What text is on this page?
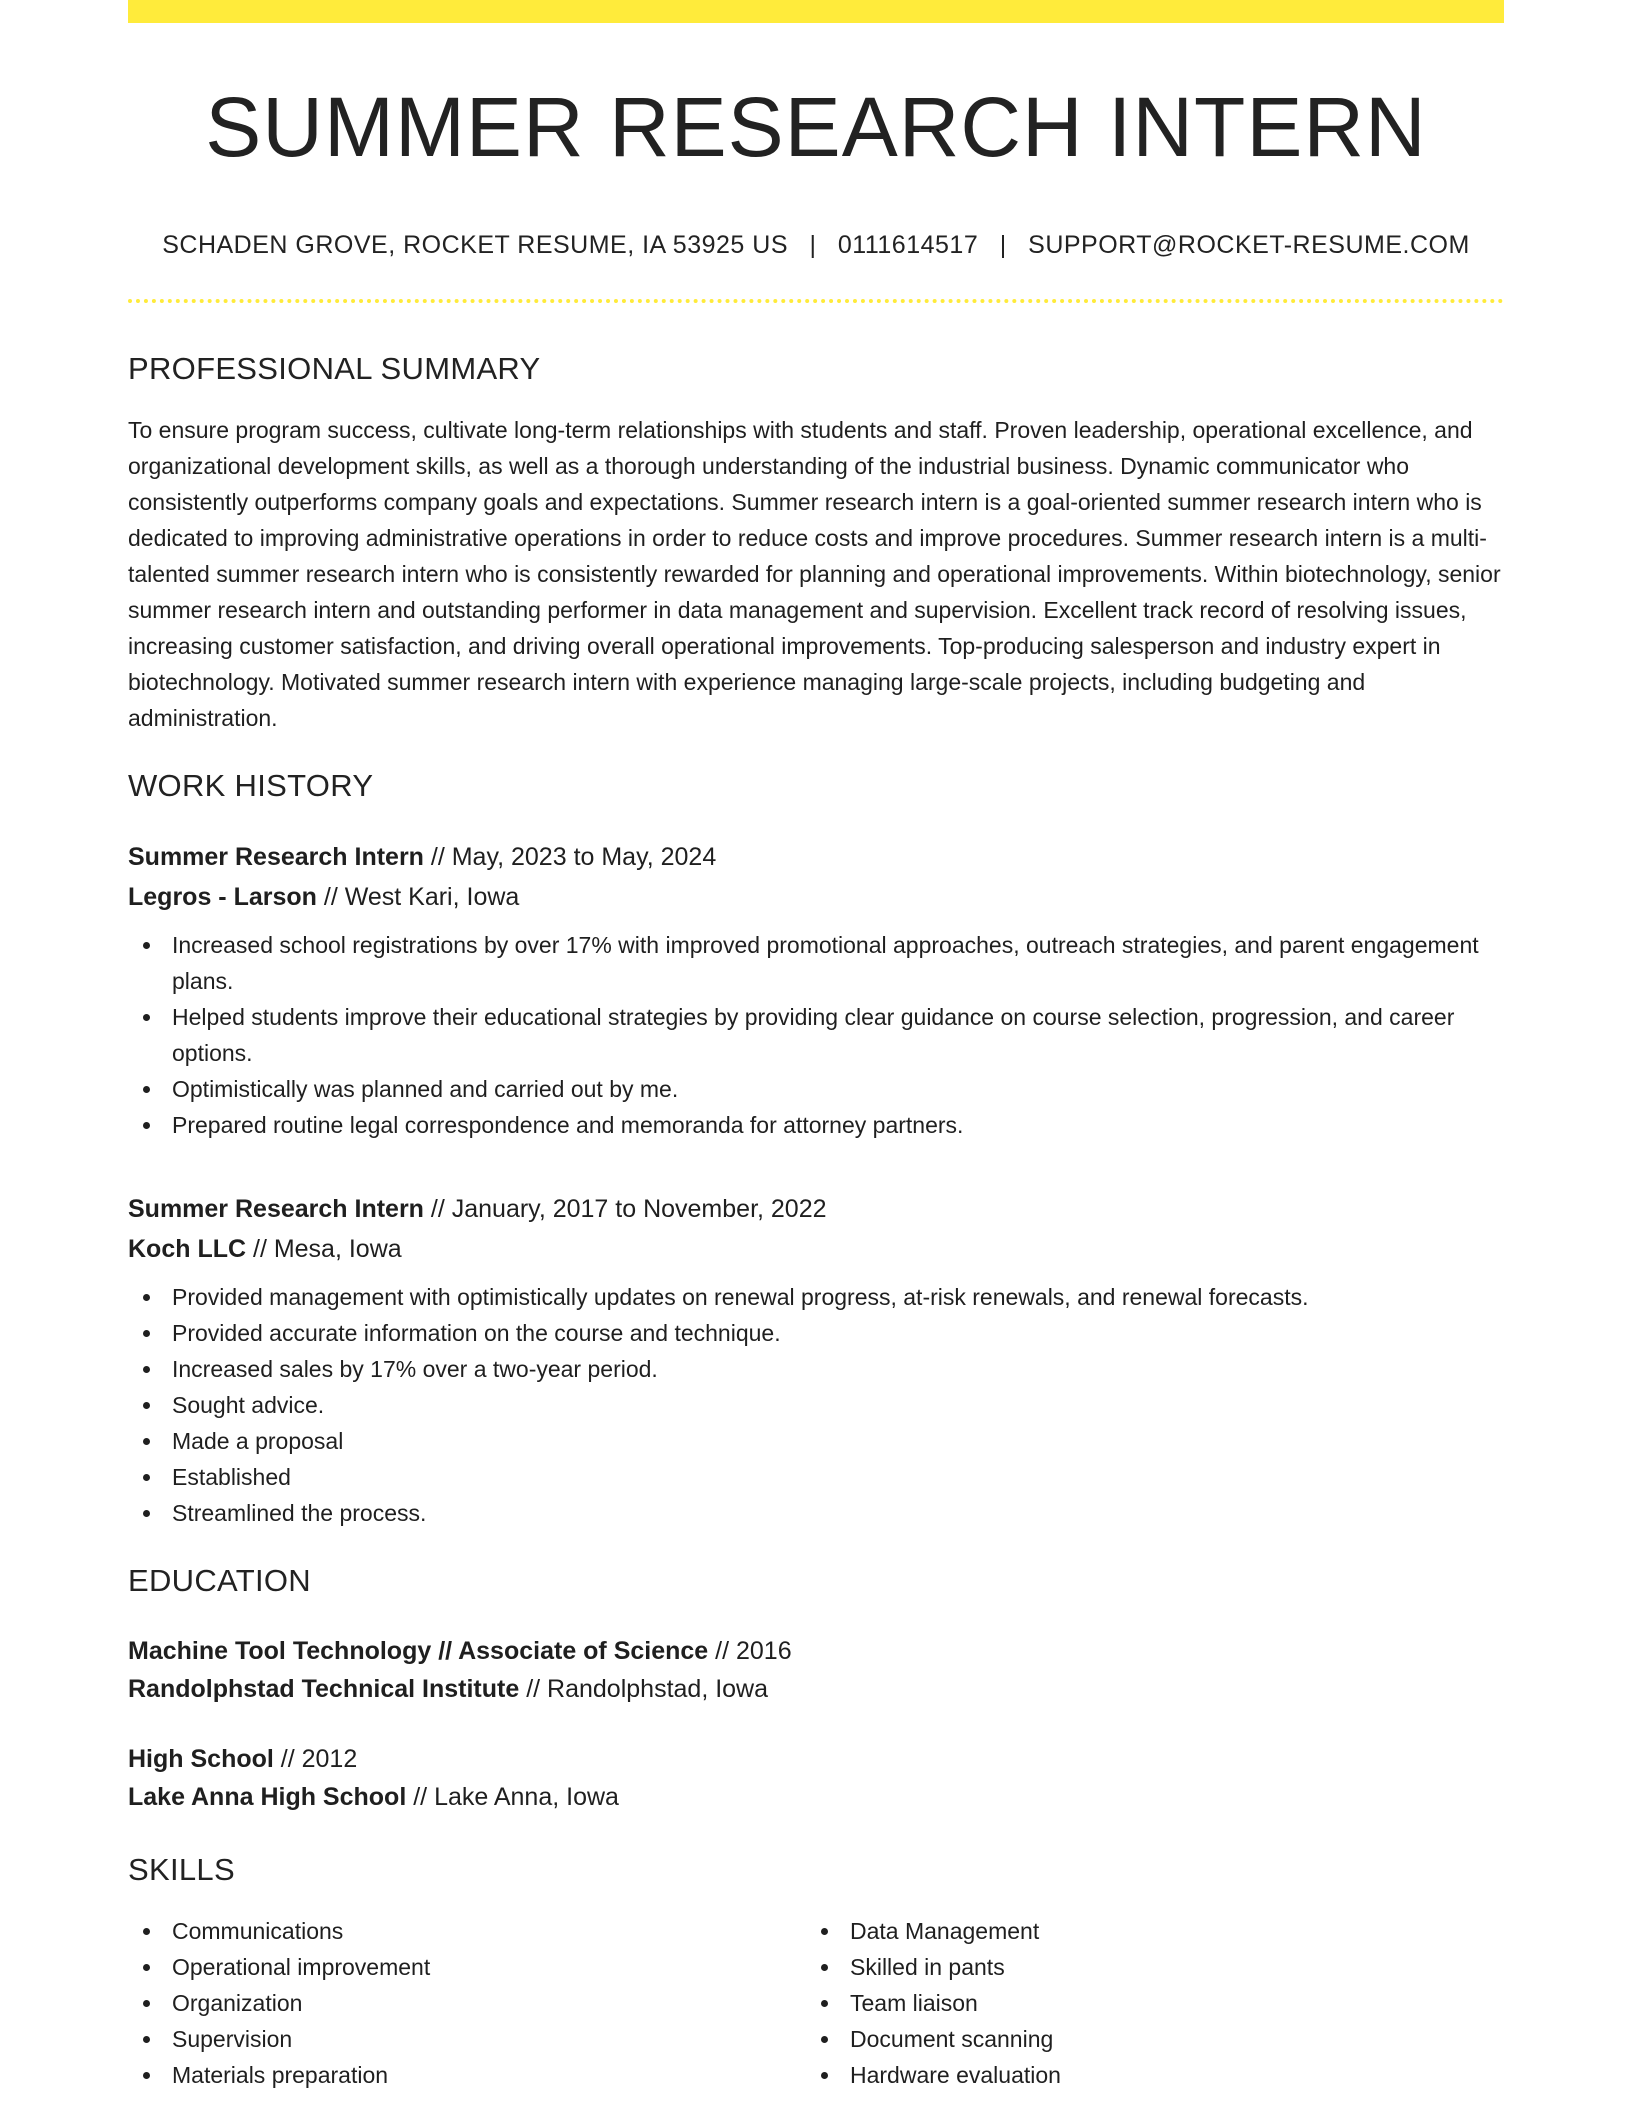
SUMMER RESEARCH INTERN
SCHADEN GROVE, ROCKET RESUME, IA 53925 US | 0111614517 | SUPPORT@ROCKET-RESUME.COM
PROFESSIONAL SUMMARY
To ensure program success, cultivate long-term relationships with students and staff. Proven leadership, operational excellence, and organizational development skills, as well as a thorough understanding of the industrial business. Dynamic communicator who consistently outperforms company goals and expectations. Summer research intern is a goal-oriented summer research intern who is dedicated to improving administrative operations in order to reduce costs and improve procedures. Summer research intern is a multi-talented summer research intern who is consistently rewarded for planning and operational improvements. Within biotechnology, senior summer research intern and outstanding performer in data management and supervision. Excellent track record of resolving issues, increasing customer satisfaction, and driving overall operational improvements. Top-producing salesperson and industry expert in biotechnology. Motivated summer research intern with experience managing large-scale projects, including budgeting and administration.
WORK HISTORY
Summer Research Intern // May, 2023 to May, 2024
Legros - Larson // West Kari, Iowa
Increased school registrations by over 17% with improved promotional approaches, outreach strategies, and parent engagement plans.
Helped students improve their educational strategies by providing clear guidance on course selection, progression, and career options.
Optimistically was planned and carried out by me.
Prepared routine legal correspondence and memoranda for attorney partners.
Summer Research Intern // January, 2017 to November, 2022
Koch LLC // Mesa, Iowa
Provided management with optimistically updates on renewal progress, at-risk renewals, and renewal forecasts.
Provided accurate information on the course and technique.
Increased sales by 17% over a two-year period.
Sought advice.
Made a proposal
Established
Streamlined the process.
EDUCATION
Machine Tool Technology // Associate of Science // 2016
Randolphstad Technical Institute // Randolphstad, Iowa
High School // 2012
Lake Anna High School // Lake Anna, Iowa
SKILLS
Communications
Operational improvement
Organization
Supervision
Materials preparation
Data Management
Skilled in pants
Team liaison
Document scanning
Hardware evaluation
